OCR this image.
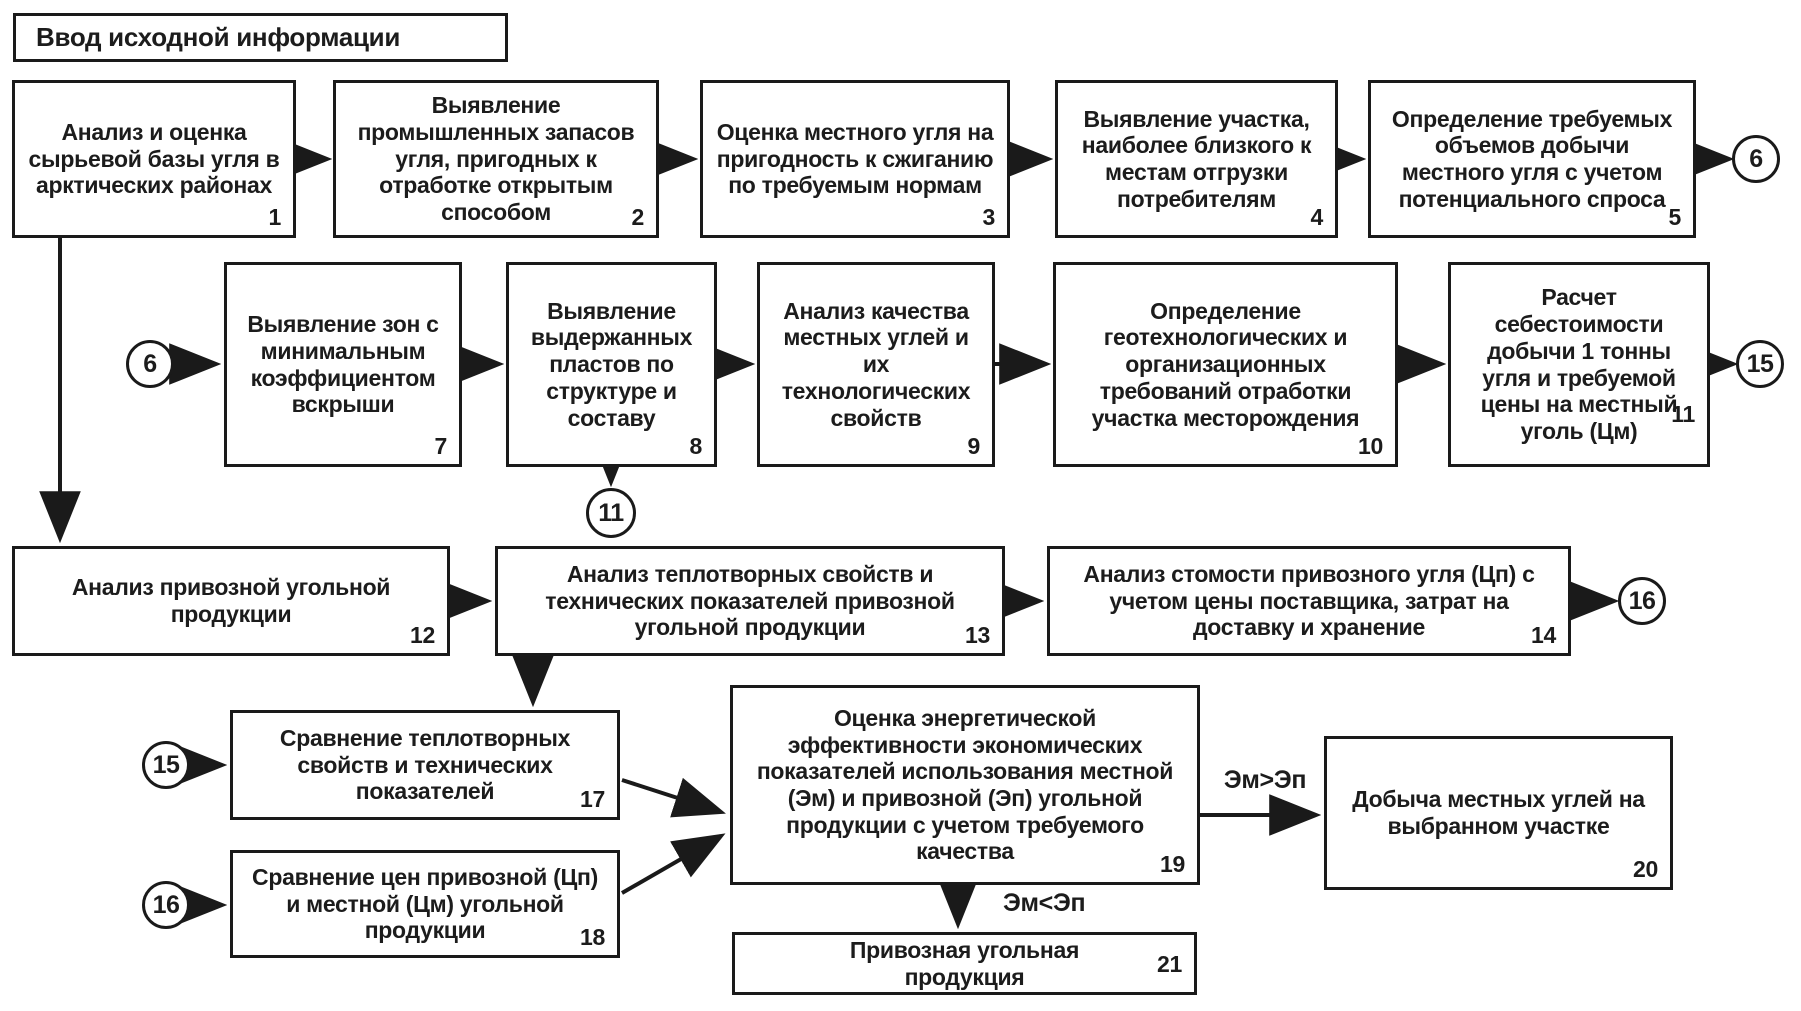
Ввод исходной информации
Анализ и оценка сырьевой базы угля в арктических районах
1
Выявление промышленных запасов угля, пригодных к отработке открытым способом	2
Оценка местного угля на пригодность к сжиганию по требуемым нормам
3
Выявление участка, наиболее близкого к местам отгрузки потребителям
4
Определение требуемых объемов добычи местного угля с учетом потенциального спроса
5
6
6
Выявление зон с минимальным коэффициентом вскрыши
7
Выявление выдержанных пластов по структуре и составу
8
Анализ качества местных углей и их технологических свойств
9
Определение геотехнологических и организационных требований отработки участка месторождения
10
Расчет себестоимости добычи 1 тонны угля и требуемой цены на местный уголь (Цм)
11
15
11
Анализ привозной угольной продукции
12
Анализ теплотворных свойств и технических показателей привозной угольной продукции	13
Анализ стомости привозного угля (Цп) с учетом цены поставщика, затрат на доставку и хранение	14
16
15
Сравнение теплотворных свойств и технических показателей	17
16
Сравнение цен привозной (Цп) и местной (Цм) угольной продукции	18
Оценка энергетической эффективности экономических показателей использования местной (Эм) и привозной (Эп) угольной продукции с учетом требуемого качества	19
Эм>Эп
Добыча местных углей на выбранном участке
20
Эм<Эп
Привозная угольная продукция	21
